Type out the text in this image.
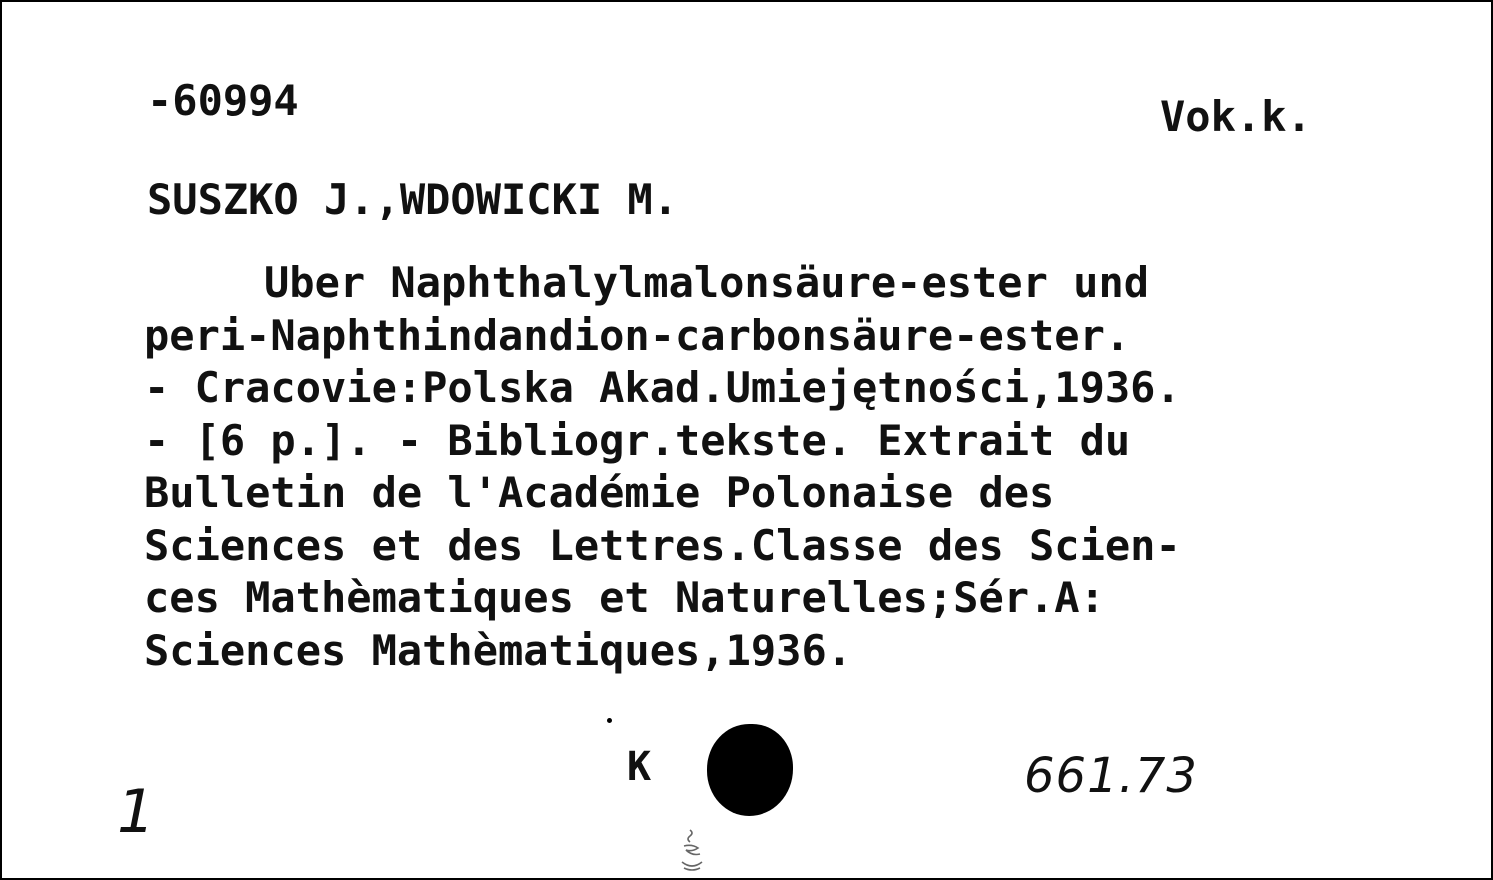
-60994	Vok.k.
SUSZKO J.,WDOWICKI M.
Uber Naphthalylmalonsäure-ester und
peri-Naphthindandion-carbonsäure-ester.
- Cracovie:Polska Akad.Umiejętności,1936.
- [6 p.]. - Bibliogr.tekste. Extrait du
Bulletin de l'Académie Polonaise des
Sciences et des Lettres.Classe des Scien-
ces Mathèmatiques et Naturelles;Sér.A:
Sciences Mathèmatiques,1936.
K	661.73
1
